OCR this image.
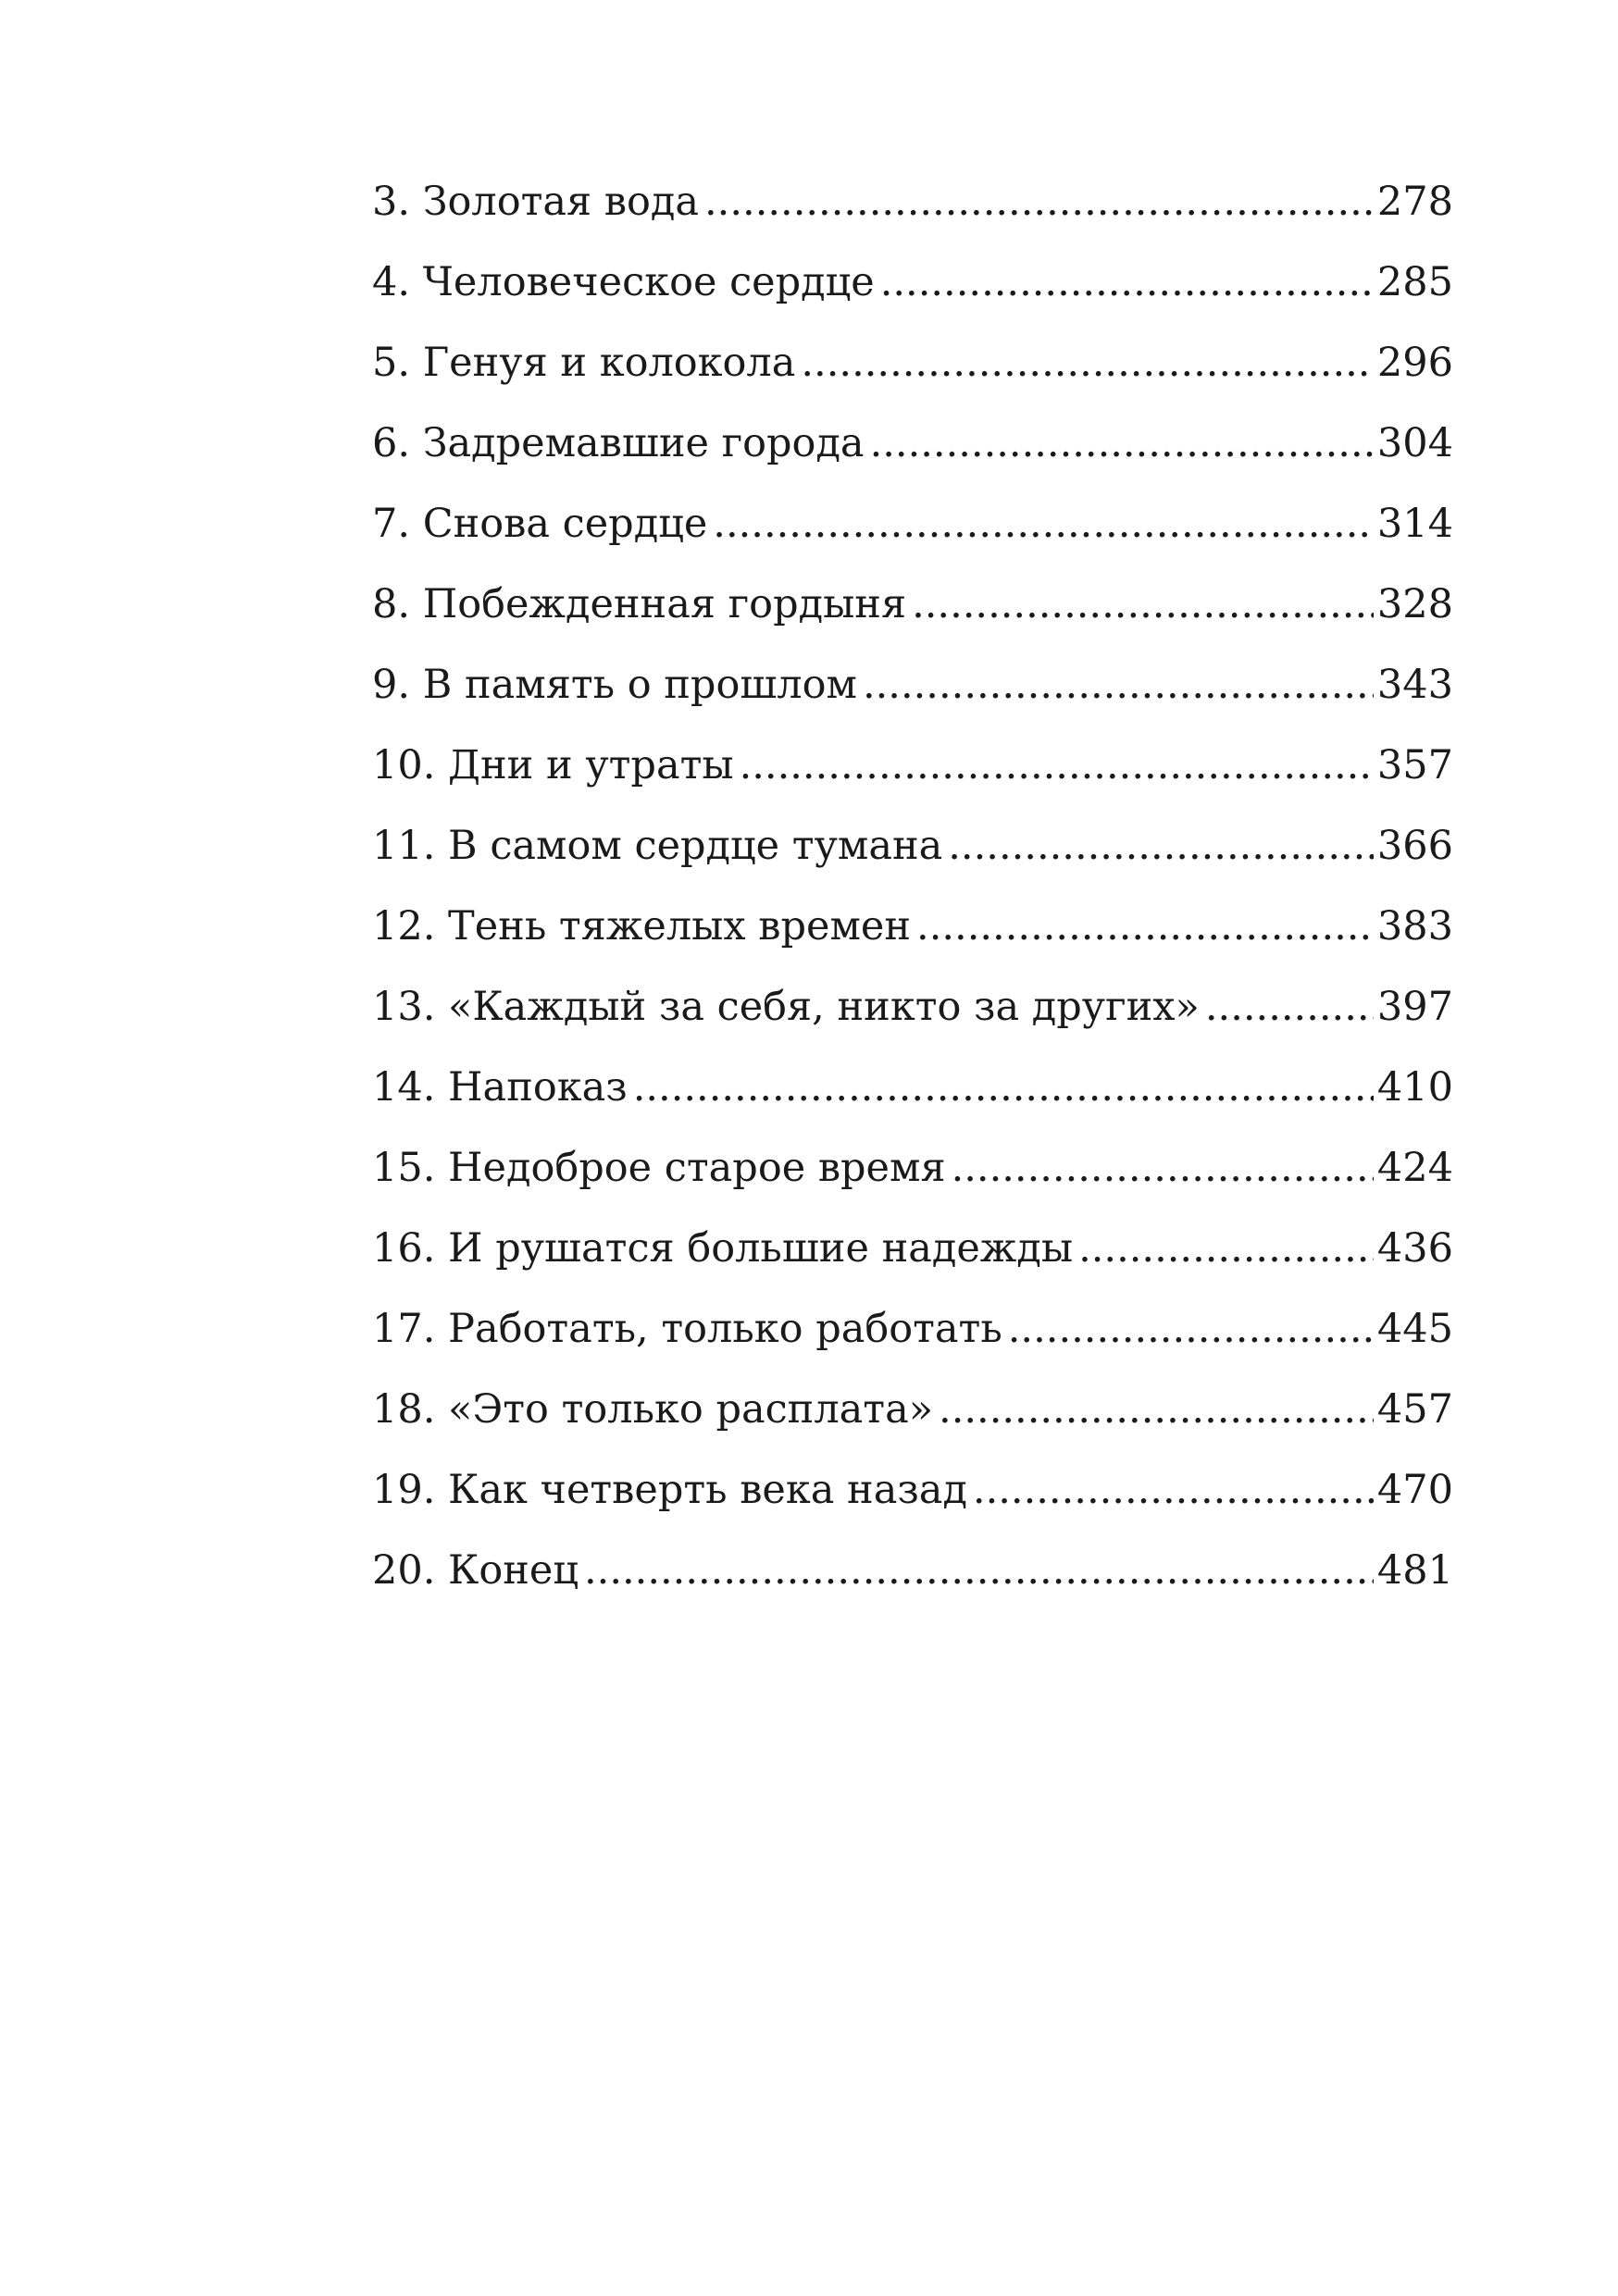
3. Золотая вода .....	278
4. Человеческое сердце .....	285
5. Генуя и колокола .....	296
6. Задремавшие города .....	304
7. Снова сердце .....	314
8. Побежденная гордыня .....	328
9. В память о прошлом .....	343
10. Дни и утраты .....	357
11. В самом сердце тумана .....	366
12. Тень тяжелых времен .....	383
13. «Каждый за себя, никто за других» .....	397
14. Напоказ .....	410
15. Недоброе старое время .....	424
16. И рушатся большие надежды .....	436
17. Работать, только работать .....	445
18. «Это только расплата» .....	457
19. Как четверть века назад .....	470
20. Конец .....	481
